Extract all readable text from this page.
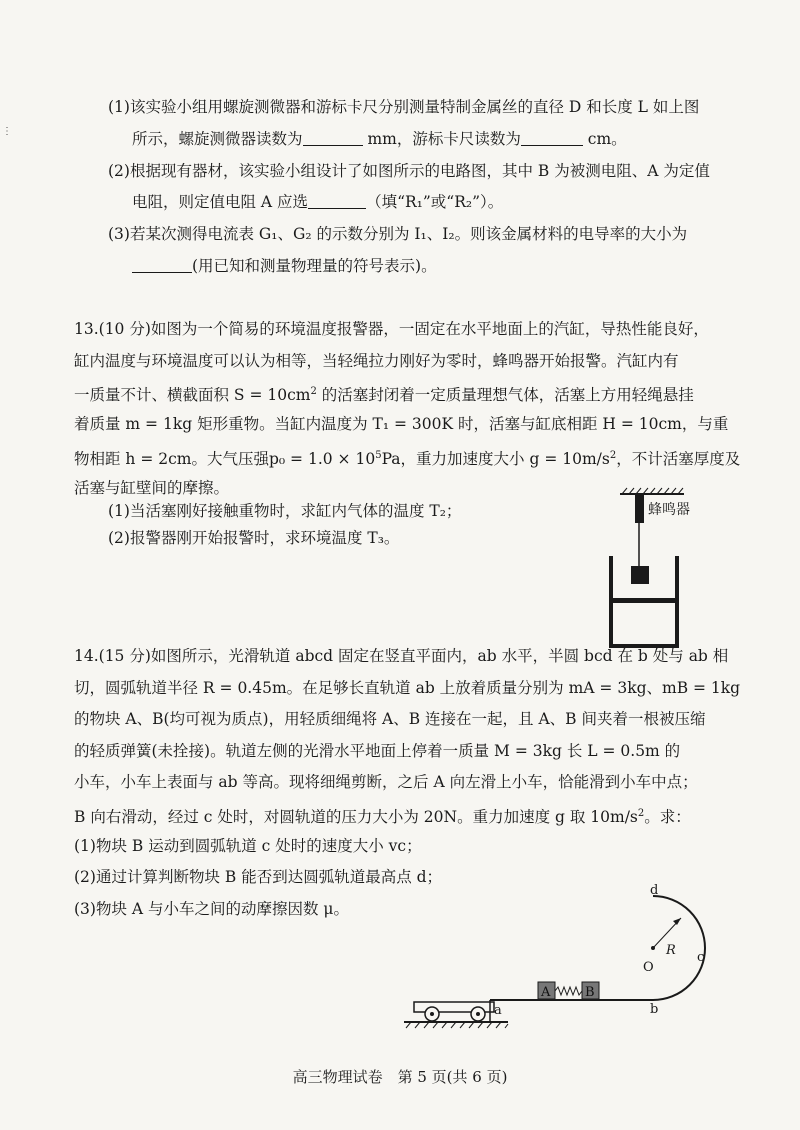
⋮
(1)该实验小组用螺旋测微器和游标卡尺分别测量特制金属丝的直径 D 和长度 L 如上图
所示，螺旋测微器读数为	mm，游标卡尺读数为	cm。
(2)根据现有器材，该实验小组设计了如图所示的电路图，其中 B 为被测电阻、A 为定值
电阻，则定值电阻 A 应选	（填“R₁”或“R₂”）。
(3)若某次测得电流表 G₁、G₂ 的示数分别为 I₁、I₂。则该金属材料的电导率的大小为
(用已知和测量物理量的符号表示)。
13.(10 分)如图为一个简易的环境温度报警器，一固定在水平地面上的汽缸，导热性能良好，
缸内温度与环境温度可以认为相等，当轻绳拉力刚好为零时，蜂鸣器开始报警。汽缸内有
一质量不计、横截面积 $S = 10cm^2$ 的活塞封闭着一定质量理想气体，活塞上方用轻绳悬挂
着质量 m = 1kg 矩形重物。当缸内温度为 T₁ = 300K 时，活塞与缸底相距 H = 10cm，与重
物相距 h = 2cm。大气压强$p_0 = 1.0 \times 10^5Pa$，重力加速度大小 $g = 10m/s^2$，不计活塞厚度及
活塞与缸壁间的摩擦。
(1)当活塞刚好接触重物时，求缸内气体的温度 T₂；
(2)报警器刚开始报警时，求环境温度 T₃。
蜂鸣器
14.(15 分)如图所示，光滑轨道 abcd 固定在竖直平面内，ab 水平，半圆 bcd 在 b 处与 ab 相
切，圆弧轨道半径 R = 0.45m。在足够长直轨道 ab 上放着质量分别为 mA = 3kg、mB = 1kg
的物块 A、B(均可视为质点)，用轻质细绳将 A、B 连接在一起，且 A、B 间夹着一根被压缩
的轻质弹簧(未拴接)。轨道左侧的光滑水平地面上停着一质量 M = 3kg 长 L = 0.5m 的
小车，小车上表面与 ab 等高。现将细绳剪断，之后 A 向左滑上小车，恰能滑到小车中点；
B 向右滑动，经过 c 处时，对圆轨道的压力大小为 20N。重力加速度 g 取 $10m/s^2$。求：
(1)物块 B 运动到圆弧轨道 c 处时的速度大小 vc；
(2)通过计算判断物块 B 能否到达圆弧轨道最高点 d；
(3)物块 A 与小车之间的动摩擦因数 μ。
a
A	B
O
R
d
c
b
高三物理试卷　第 5 页(共 6 页)
